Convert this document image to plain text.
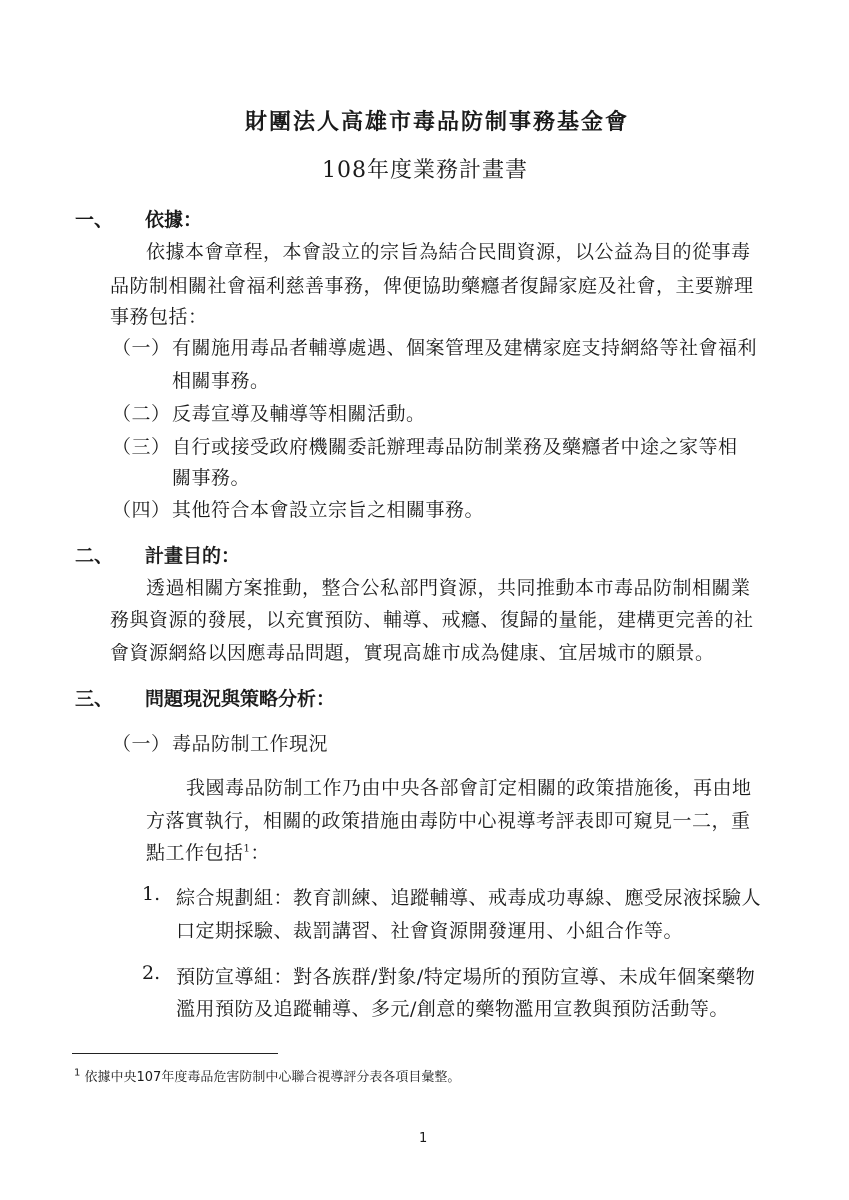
財團法人高雄市毒品防制事務基金會
108年度業務計畫書
一、 依據：
依據本會章程，本會設立的宗旨為結合民間資源，以公益為目的從事毒
品防制相關社會福利慈善事務，俾便協助藥癮者復歸家庭及社會，主要辦理
事務包括：
（一） 有關施用毒品者輔導處遇、個案管理及建構家庭支持網絡等社會福利
相關事務。
（二） 反毒宣導及輔導等相關活動。
（三） 自行或接受政府機關委託辦理毒品防制業務及藥癮者中途之家等相
關事務。
（四） 其他符合本會設立宗旨之相關事務。
二、 計畫目的：
透過相關方案推動，整合公私部門資源，共同推動本市毒品防制相關業
務與資源的發展，以充實預防、輔導、戒癮、復歸的量能，建構更完善的社
會資源網絡以因應毒品問題，實現高雄市成為健康、宜居城市的願景。
三、 問題現況與策略分析：
（一） 毒品防制工作現況
我國毒品防制工作乃由中央各部會訂定相關的政策措施後，再由地
方落實執行，相關的政策措施由毒防中心視導考評表即可窺見一二，重
點工作包括$^1$：
1. 綜合規劃組：教育訓練、追蹤輔導、戒毒成功專線、應受尿液採驗人
口定期採驗、裁罰講習、社會資源開發運用、小組合作等。
2. 預防宣導組：對各族群/對象/特定場所的預防宣導、未成年個案藥物
濫用預防及追蹤輔導、多元/創意的藥物濫用宣教與預防活動等。
$^1$ 依據中央107年度毒品危害防制中心聯合視導評分表各項目彙整。
1
